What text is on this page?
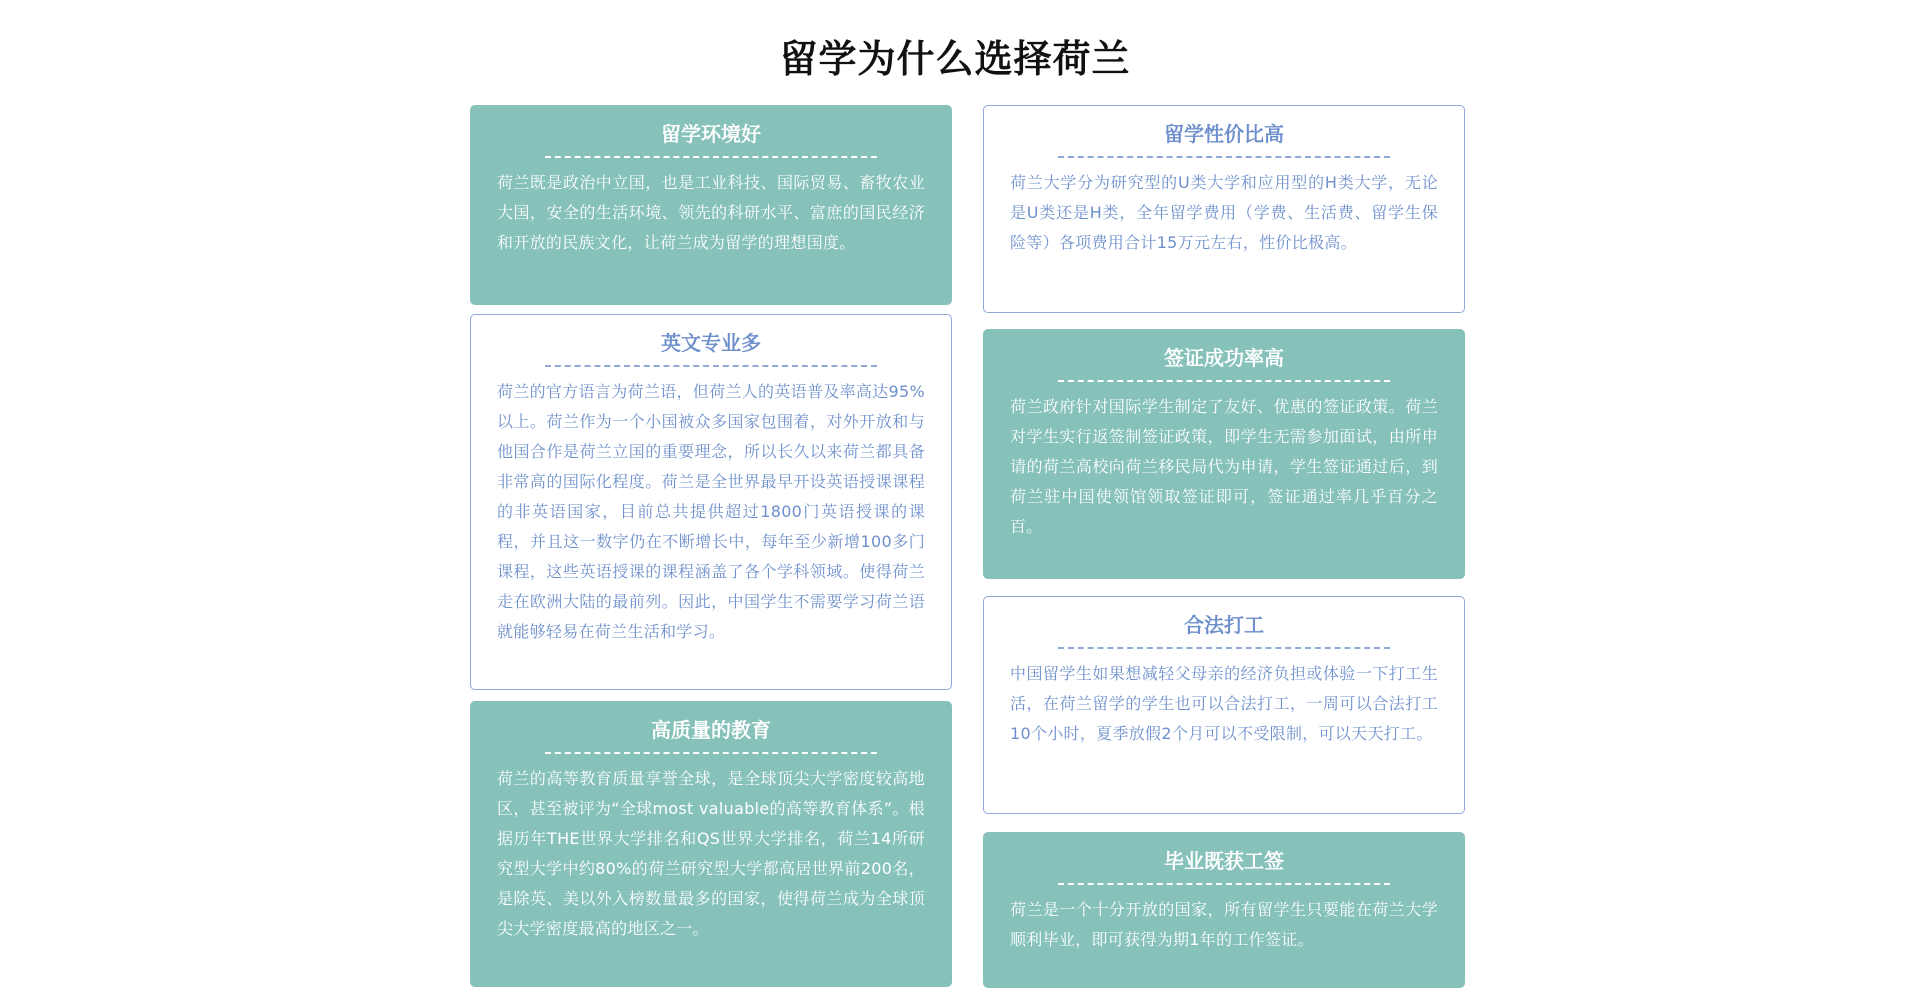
留学为什么选择荷兰
留学环境好

荷兰既是政治中立国，也是工业科技、国际贸易、畜牧农业大国，安全的生活环境、领先的科研水平、富庶的国民经济和开放的民族文化，让荷兰成为留学的理想国度。

英文专业多

荷兰的官方语言为荷兰语，但荷兰人的英语普及率高达95%以上。荷兰作为一个小国被众多国家包围着，对外开放和与他国合作是荷兰立国的重要理念，所以长久以来荷兰都具备非常高的国际化程度。荷兰是全世界最早开设英语授课课程的非英语国家，目前总共提供超过1800门英语授课的课程，并且这一数字仍在不断增长中，每年至少新增100多门课程，这些英语授课的课程涵盖了各个学科领域。使得荷兰走在欧洲大陆的最前列。因此，中国学生不需要学习荷兰语就能够轻易在荷兰生活和学习。

高质量的教育

荷兰的高等教育质量享誉全球，是全球顶尖大学密度较高地区，甚至被评为“全球most valuable的高等教育体系”。根据历年THE世界大学排名和QS世界大学排名，荷兰14所研究型大学中约80%的荷兰研究型大学都高居世界前200名，是除英、美以外入榜数量最多的国家，使得荷兰成为全球顶尖大学密度最高的地区之一。

留学性价比高

荷兰大学分为研究型的U类大学和应用型的H类大学，无论是U类还是H类，全年留学费用（学费、生活费、留学生保险等）各项费用合计15万元左右，性价比极高。

签证成功率高

荷兰政府针对国际学生制定了友好、优惠的签证政策。荷兰对学生实行返签制签证政策，即学生无需参加面试，由所申请的荷兰高校向荷兰移民局代为申请，学生签证通过后，到荷兰驻中国使领馆领取签证即可，签证通过率几乎百分之百。

合法打工

中国留学生如果想减轻父母亲的经济负担或体验一下打工生活，在荷兰留学的学生也可以合法打工，一周可以合法打工10个小时，夏季放假2个月可以不受限制，可以天天打工。

毕业既获工签

荷兰是一个十分开放的国家，所有留学生只要能在荷兰大学顺利毕业，即可获得为期1年的工作签证。
